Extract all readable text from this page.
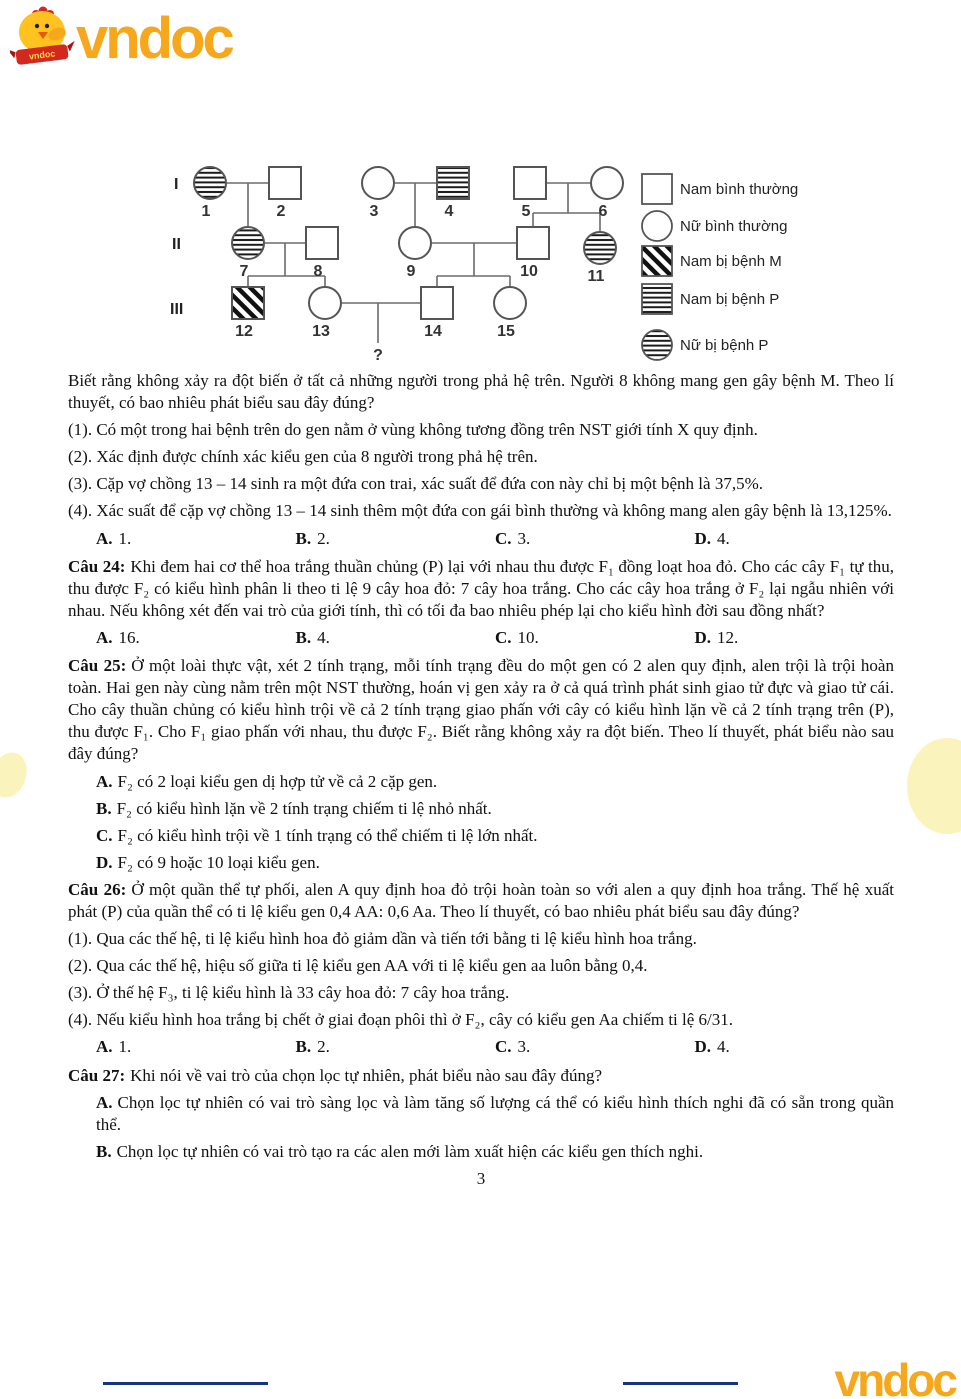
vndoc vndoc
1	2	3	4	5	6
7	8	9	10	11
12	13	14	15
I
II
III
?
Nam bình thường
Nữ bình thường
Nam bị bệnh M
Nam bị bệnh P
Nữ bị bệnh P

Biết rằng không xảy ra đột biến ở tất cả những người trong phả hệ trên. Người 8 không mang gen gây bệnh M. Theo lí thuyết, có bao nhiêu phát biểu sau đây đúng?

(1). Có một trong hai bệnh trên do gen nằm ở vùng không tương đồng trên NST giới tính X quy định.

(2). Xác định được chính xác kiểu gen của 8 người trong phả hệ trên.

(3). Cặp vợ chồng 13 – 14 sinh ra một đứa con trai, xác suất để đứa con này chỉ bị một bệnh là 37,5%.

(4). Xác suất để cặp vợ chồng 13 – 14 sinh thêm một đứa con gái bình thường và không mang alen gây bệnh là 13,125%.

A. 1.	B. 2.	C. 3.	D. 4.

Câu 24: Khi đem hai cơ thể hoa trắng thuần chủng (P) lại với nhau thu được F₁ đồng loạt hoa đỏ. Cho các cây F₁ tự thu, thu được F₂ có kiểu hình phân li theo ti lệ 9 cây hoa đỏ: 7 cây hoa trắng. Cho các cây hoa trắng ở F₂ lại ngẫu nhiên với nhau. Nếu không xét đến vai trò của giới tính, thì có tối đa bao nhiêu phép lại cho kiểu hình đời sau đồng nhất?

A. 16.	B. 4.	C. 10.	D. 12.

Câu 25: Ở một loài thực vật, xét 2 tính trạng, mỗi tính trạng đều do một gen có 2 alen quy định, alen trội là trội hoàn toàn. Hai gen này cùng nằm trên một NST thường, hoán vị gen xảy ra ở cả quá trình phát sinh giao tử đực và giao tử cái. Cho cây thuần chủng có kiểu hình trội về cả 2 tính trạng giao phấn với cây có kiểu hình lặn về cả 2 tính trạng trên (P), thu được F₁. Cho F₁ giao phấn với nhau, thu được F₂. Biết rằng không xảy ra đột biến. Theo lí thuyết, phát biểu nào sau đây đúng?

A. F₂ có 2 loại kiểu gen dị hợp tử về cả 2 cặp gen.

B. F₂ có kiểu hình lặn về 2 tính trạng chiếm ti lệ nhỏ nhất.

C. F₂ có kiểu hình trội về 1 tính trạng có thể chiếm ti lệ lớn nhất.

D. F₂ có 9 hoặc 10 loại kiểu gen.

Câu 26: Ở một quần thể tự phối, alen A quy định hoa đỏ trội hoàn toàn so với alen a quy định hoa trắng. Thế hệ xuất phát (P) của quần thể có ti lệ kiểu gen 0,4 AA: 0,6 Aa. Theo lí thuyết, có bao nhiêu phát biểu sau đây đúng?

(1). Qua các thế hệ, ti lệ kiểu hình hoa đỏ giảm dần và tiến tới bằng ti lệ kiểu hình hoa trắng.

(2). Qua các thế hệ, hiệu số giữa ti lệ kiểu gen AA với ti lệ kiểu gen aa luôn bằng 0,4.

(3). Ở thế hệ F₃, ti lệ kiểu hình là 33 cây hoa đỏ: 7 cây hoa trắng.

(4). Nếu kiểu hình hoa trắng bị chết ở giai đoạn phôi thì ở F₂, cây có kiểu gen Aa chiếm ti lệ 6/31.

A. 1.	B. 2.	C. 3.	D. 4.

Câu 27: Khi nói về vai trò của chọn lọc tự nhiên, phát biểu nào sau đây đúng?

A. Chọn lọc tự nhiên có vai trò sàng lọc và làm tăng số lượng cá thể có kiểu hình thích nghi đã có sẵn trong quần thể.

B. Chọn lọc tự nhiên có vai trò tạo ra các alen mới làm xuất hiện các kiểu gen thích nghi.

3
vndoc
